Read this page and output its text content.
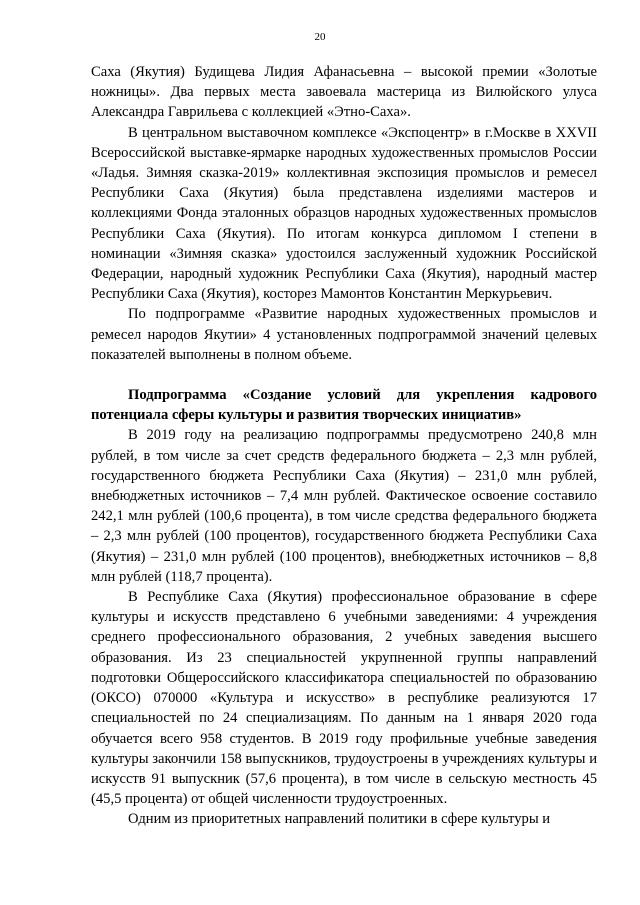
20

Саха (Якутия) Будищева Лидия Афанасьевна – высокой премии «Золотые ножницы». Два первых места завоевала мастерица из Вилюйского улуса Александра Гаврильева с коллекцией «Этно-Саха».

В центральном выставочном комплексе «Экспоцентр» в г.Москве в XXVII Всероссийской выставке-ярмарке народных художественных промыслов России «Ладья. Зимняя сказка-2019» коллективная экспозиция промыслов и ремесел Республики Саха (Якутия) была представлена изделиями мастеров и коллекциями Фонда эталонных образцов народных художественных промыслов Республики Саха (Якутия). По итогам конкурса дипломом I степени в номинации «Зимняя сказка» удостоился заслуженный художник Российской Федерации, народный художник Республики Саха (Якутия), народный мастер Республики Саха (Якутия), косторез Мамонтов Константин Меркурьевич.

По подпрограмме «Развитие народных художественных промыслов и ремесел народов Якутии» 4 установленных подпрограммой значений целевых показателей выполнены в полном объеме.

Подпрограмма «Создание условий для укрепления кадрового потенциала сферы культуры и развития творческих инициатив»

В 2019 году на реализацию подпрограммы предусмотрено 240,8 млн рублей, в том числе за счет средств федерального бюджета – 2,3 млн рублей, государственного бюджета Республики Саха (Якутия) – 231,0 млн рублей, внебюджетных источников – 7,4 млн рублей. Фактическое освоение составило 242,1 млн рублей (100,6 процента), в том числе средства федерального бюджета – 2,3 млн рублей (100 процентов), государственного бюджета Республики Саха (Якутия) – 231,0 млн рублей (100 процентов), внебюджетных источников – 8,8 млн рублей (118,7 процента).

В Республике Саха (Якутия) профессиональное образование в сфере культуры и искусств представлено 6 учебными заведениями: 4 учреждения среднего профессионального образования, 2 учебных заведения высшего образования. Из 23 специальностей укрупненной группы направлений подготовки Общероссийского классификатора специальностей по образованию (ОКСО) 070000 «Культура и искусство» в республике реализуются 17 специальностей по 24 специализациям. По данным на 1 января 2020 года обучается всего 958 студентов. В 2019 году профильные учебные заведения культуры закончили 158 выпускников, трудоустроены в учреждениях культуры и искусств 91 выпускник (57,6 процента), в том числе в сельскую местность 45 (45,5 процента) от общей численности трудоустроенных.

Одним из приоритетных направлений политики в сфере культуры и
